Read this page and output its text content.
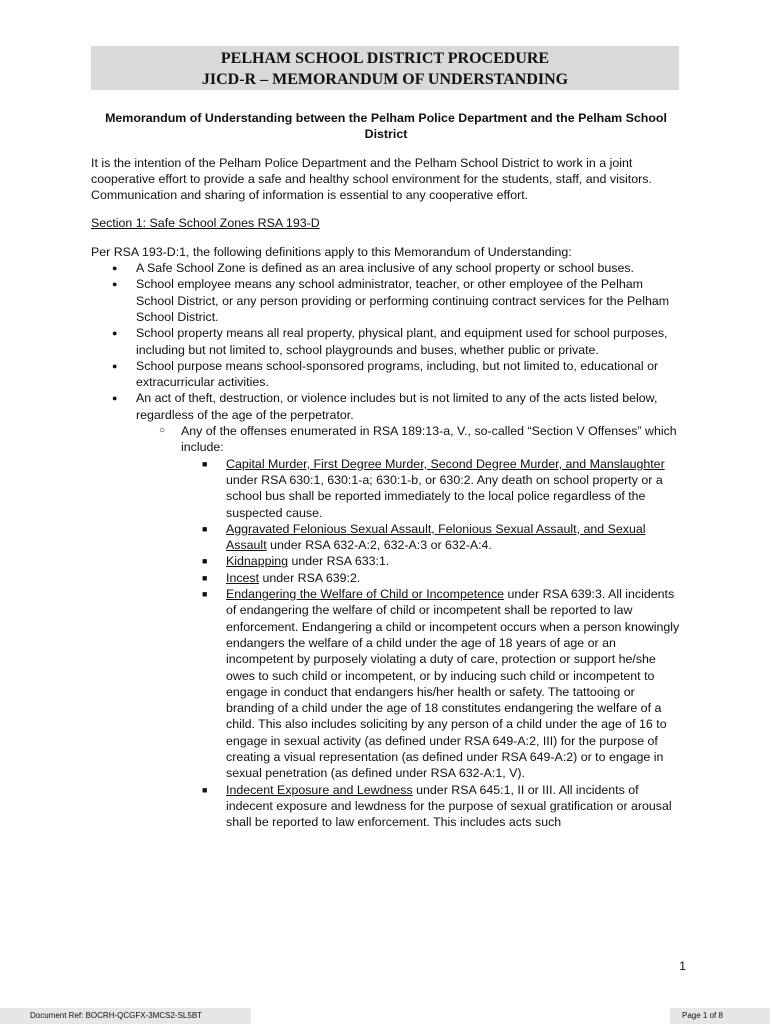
PELHAM SCHOOL DISTRICT PROCEDURE
JICD-R – MEMORANDUM OF UNDERSTANDING

Memorandum of Understanding between the Pelham Police Department and the Pelham School District

It is the intention of the Pelham Police Department and the Pelham School District to work in a joint cooperative effort to provide a safe and healthy school environment for the students, staff, and visitors. Communication and sharing of information is essential to any cooperative effort.

Section 1: Safe School Zones RSA 193-D

Per RSA 193-D:1, the following definitions apply to this Memorandum of Understanding:
● A Safe School Zone is defined as an area inclusive of any school property or school buses.
● School employee means any school administrator, teacher, or other employee of the Pelham School District, or any person providing or performing continuing contract services for the Pelham School District.
● School property means all real property, physical plant, and equipment used for school purposes, including but not limited to, school playgrounds and buses, whether public or private.
● School purpose means school-sponsored programs, including, but not limited to, educational or extracurricular activities.
● An act of theft, destruction, or violence includes but is not limited to any of the acts listed below, regardless of the age of the perpetrator.
○ Any of the offenses enumerated in RSA 189:13-a, V., so-called “Section V Offenses” which include:
■ Capital Murder, First Degree Murder, Second Degree Murder, and Manslaughter under RSA 630:1, 630:1-a; 630:1-b, or 630:2. Any death on school property or a school bus shall be reported immediately to the local police regardless of the suspected cause.
■ Aggravated Felonious Sexual Assault, Felonious Sexual Assault, and Sexual Assault under RSA 632-A:2, 632-A:3 or 632-A:4.
■ Kidnapping under RSA 633:1.
■ Incest under RSA 639:2.
■ Endangering the Welfare of Child or Incompetence under RSA 639:3. All incidents of endangering the welfare of child or incompetent shall be reported to law enforcement. Endangering a child or incompetent occurs when a person knowingly endangers the welfare of a child under the age of 18 years of age or an incompetent by purposely violating a duty of care, protection or support he/she owes to such child or incompetent, or by inducing such child or incompetent to engage in conduct that endangers his/her health or safety. The tattooing or branding of a child under the age of 18 constitutes endangering the welfare of a child. This also includes soliciting by any person of a child under the age of 16 to engage in sexual activity (as defined under RSA 649-A:2, III) for the purpose of creating a visual representation (as defined under RSA 649-A:2) or to engage in sexual penetration (as defined under RSA 632-A:1, V).
■ Indecent Exposure and Lewdness under RSA 645:1, II or III. All incidents of indecent exposure and lewdness for the purpose of sexual gratification or arousal shall be reported to law enforcement. This includes acts such
1
Document Ref: BOCRH-QCGFX-3MCS2-SL5BT	Page 1 of 8
